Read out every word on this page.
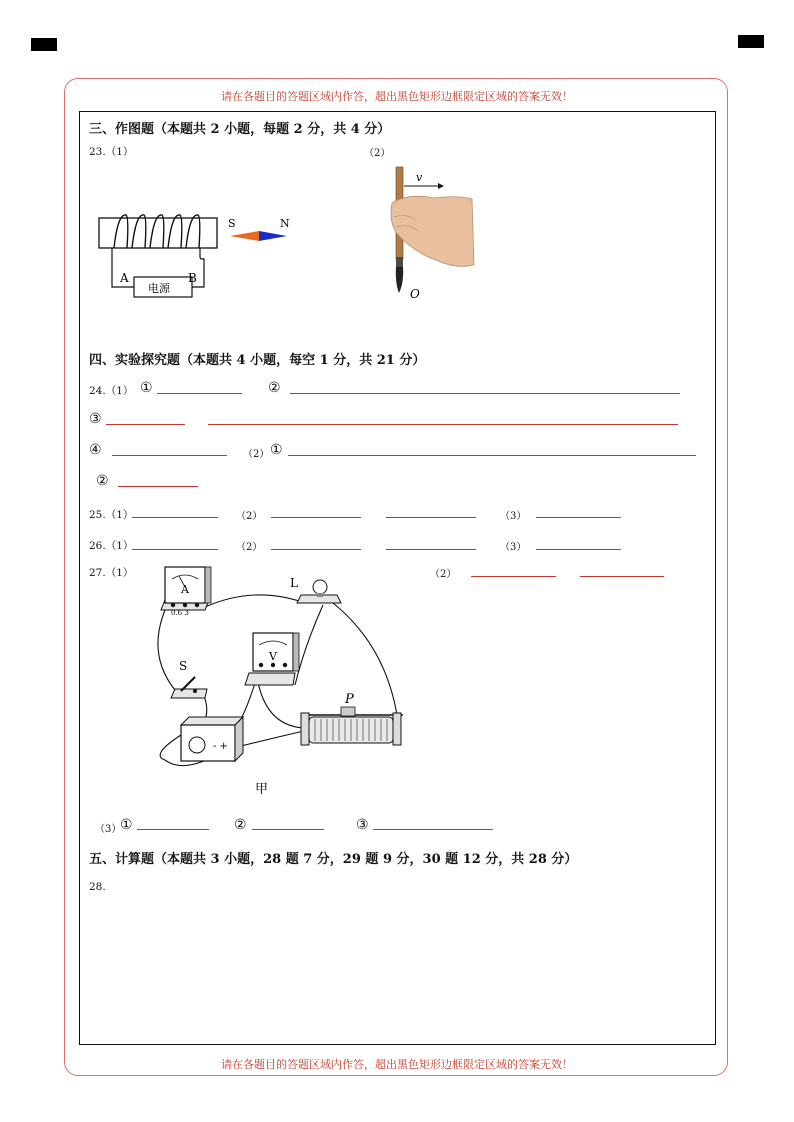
请在各题目的答题区域内作答，超出黑色矩形边框限定区域的答案无效！
请在各题目的答题区域内作答，超出黑色矩形边框限定区域的答案无效！
三、作图题（本题共 2 小题，每题 2 分，共 4 分）
23.（1）	（2）
A	B
电源
S	N
v
O
四、实验探究题（本题共 4 小题，每空 1 分，共 21 分）
24.（1） ①	②
③
④	（2） ①
②
25.（1）	（2）	（3）
26.（1）	（2）	（3）
27.（1）	（2）
A
0.6 3
L
V
S
- +
P
甲
（3）
①	②	③
五、计算题（本题共 3 小题，28 题 7 分，29 题 9 分，30 题 12 分，共 28 分）
28.
